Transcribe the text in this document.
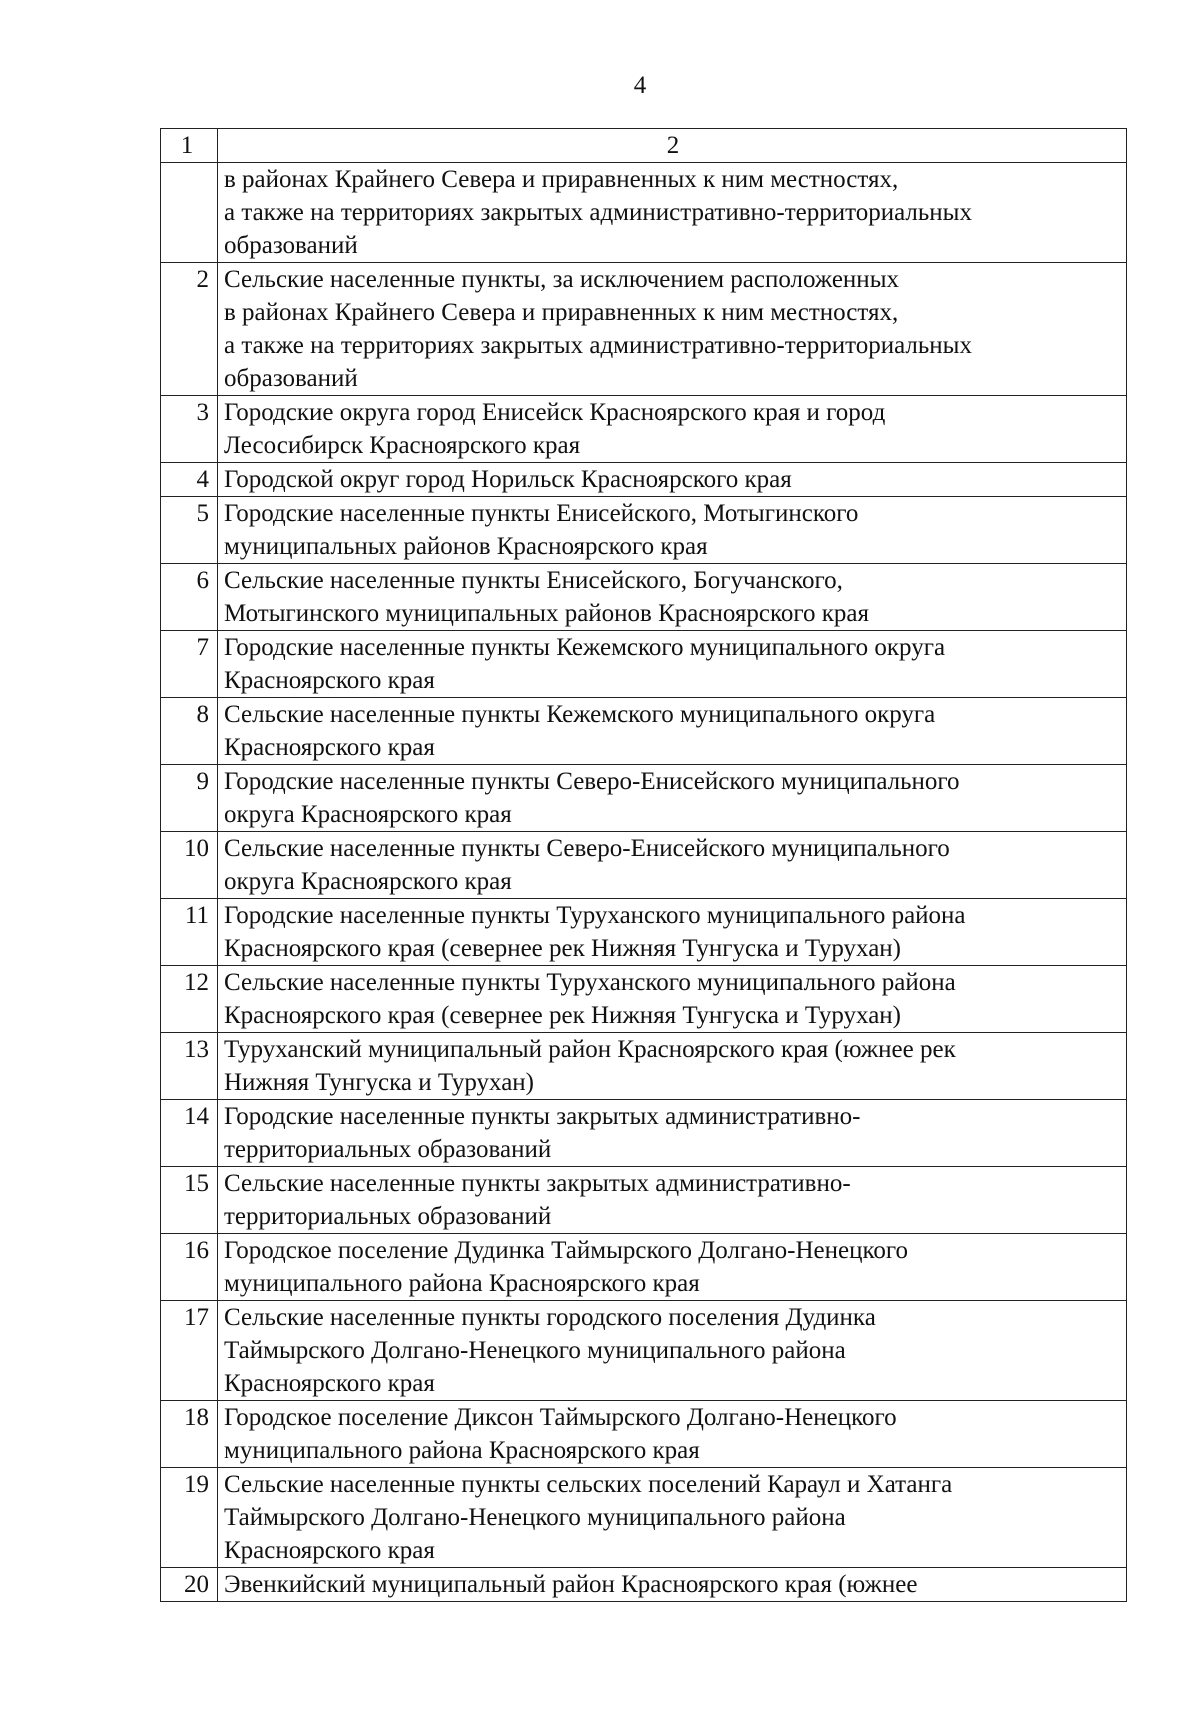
4
1	2
	в районах Крайнего Севера и приравненных к ним местностях,
а также на территориях закрытых административно-территориальных
образований
2	Сельские населенные пункты, за исключением расположенных
в районах Крайнего Севера и приравненных к ним местностях,
а также на территориях закрытых административно-территориальных
образований
3	Городские округа город Енисейск Красноярского края и город
Лесосибирск Красноярского края
4	Городской округ город Норильск Красноярского края
5	Городские населенные пункты Енисейского, Мотыгинского
муниципальных районов Красноярского края
6	Сельские населенные пункты Енисейского, Богучанского,
Мотыгинского муниципальных районов Красноярского края
7	Городские населенные пункты Кежемского муниципального округа
Красноярского края
8	Сельские населенные пункты Кежемского муниципального округа
Красноярского края
9	Городские населенные пункты Северо-Енисейского муниципального
округа Красноярского края
10	Сельские населенные пункты Северо-Енисейского муниципального
округа Красноярского края
11	Городские населенные пункты Туруханского муниципального района
Красноярского края (севернее рек Нижняя Тунгуска и Турухан)
12	Сельские населенные пункты Туруханского муниципального района
Красноярского края (севернее рек Нижняя Тунгуска и Турухан)
13	Туруханский муниципальный район Красноярского края (южнее рек
Нижняя Тунгуска и Турухан)
14	Городские населенные пункты закрытых административно-
территориальных образований
15	Сельские населенные пункты закрытых административно-
территориальных образований
16	Городское поселение Дудинка Таймырского Долгано-Ненецкого
муниципального района Красноярского края
17	Сельские населенные пункты городского поселения Дудинка
Таймырского Долгано-Ненецкого муниципального района
Красноярского края
18	Городское поселение Диксон Таймырского Долгано-Ненецкого
муниципального района Красноярского края
19	Сельские населенные пункты сельских поселений Караул и Хатанга
Таймырского Долгано-Ненецкого муниципального района
Красноярского края
20	Эвенкийский муниципальный район Красноярского края (южнее
